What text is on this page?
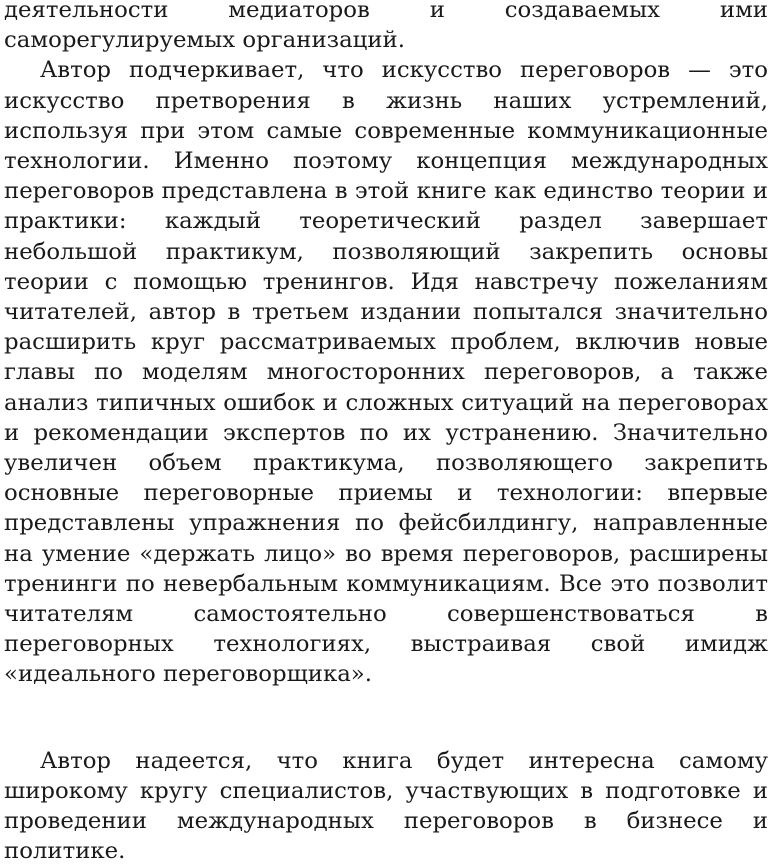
деятельности медиаторов и создаваемых ими саморегулируемых организаций.

Автор подчеркивает, что искусство переговоров — это искусство претворения в жизнь наших устремлений, используя при этом самые современные коммуникационные технологии. Именно поэтому концепция международных переговоров представлена в этой книге как единство теории и практики: каждый теоретический раздел завершает небольшой практикум, позволяющий закрепить основы теории с помощью тренингов. Идя навстречу пожеланиям читателей, автор в третьем издании попытался значительно расширить круг рассматриваемых проблем, включив новые главы по моделям многосторонних переговоров, а также анализ типичных ошибок и сложных ситуаций на переговорах и рекомендации экспертов по их устранению. Значительно увеличен объем практикума, позволяющего закрепить основные переговорные приемы и технологии: впервые представлены упражнения по фейсбилдингу, направленные на умение «держать лицо» во время переговоров, расширены тренинги по невербальным коммуникациям. Все это позволит читателям самостоятельно совершенствоваться в переговорных технологиях, выстраивая свой имидж «идеального переговорщика».

Автор надеется, что книга будет интересна самому широкому кругу специалистов, участвующих в подготовке и проведении международных переговоров в бизнесе и политике.
